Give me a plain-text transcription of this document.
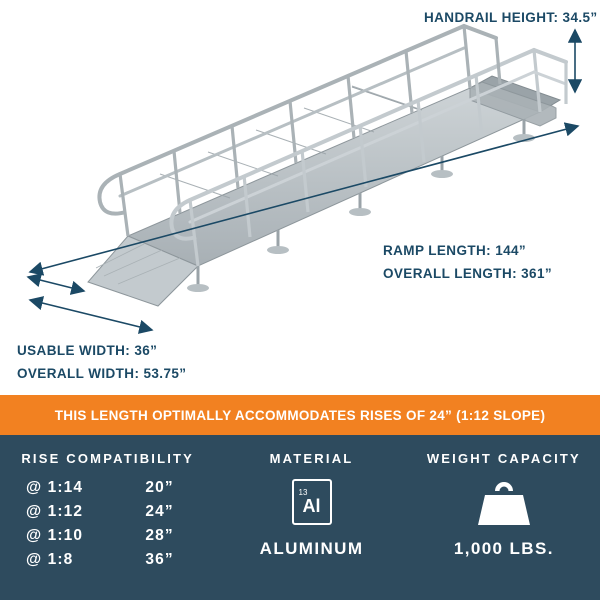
HANDRAIL HEIGHT: 34.5”
RAMP LENGTH: 144”
OVERALL LENGTH: 361”
USABLE WIDTH: 36”
OVERALL WIDTH: 53.75”
THIS LENGTH OPTIMALLY ACCOMMODATES RISES OF 24” (1:12 SLOPE)
RISE COMPATIBILITY
@ 1:14	20”
@ 1:12	24”
@ 1:10	28”
@ 1:8	36”
MATERIAL
13
Al
ALUMINUM
WEIGHT CAPACITY
1,000 LBS.
